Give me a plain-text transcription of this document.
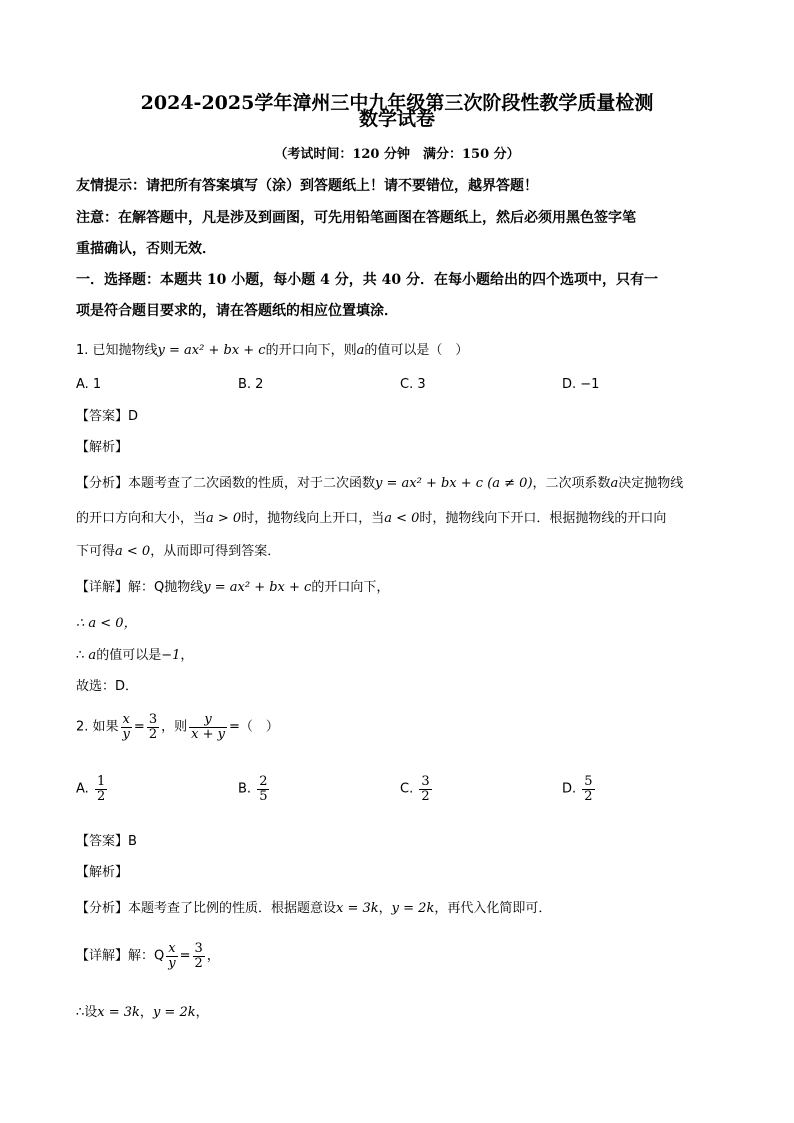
2024-2025学年漳州三中九年级第三次阶段性教学质量检测
数学试卷
（考试时间：120 分钟　满分：150 分）
友情提示：请把所有答案填写（涂）到答题纸上！请不要错位，越界答题！
注意：在解答题中，凡是涉及到画图，可先用铅笔画图在答题纸上，然后必须用黑色签字笔
重描确认，否则无效．
一．选择题：本题共 10 小题，每小题 4 分，共 40 分．在每小题给出的四个选项中，只有一
项是符合题目要求的，请在答题纸的相应位置填涂．
1. 已知抛物线y = ax² + bx + c的开口向下，则a的值可以是（　）
A. 1	B. 2	C. 3	D. −1
【答案】D
【解析】
【分析】本题考查了二次函数的性质，对于二次函数y = ax² + bx + c (a ≠ 0)，二次项系数a决定抛物线
的开口方向和大小，当a > 0时，抛物线向上开口，当a < 0时，抛物线向下开口．根据抛物线的开口向
下可得a < 0，从而即可得到答案．
【详解】解：Q抛物线y = ax² + bx + c的开口向下，
∴ a < 0，
∴ a的值可以是−1，
故选：D．
2. 如果 $\frac{x}{y} = \frac{3}{2}$ ，则 $\frac{y}{x + y}$ =（　）
A. $\frac{1}{2}$	B. $\frac{2}{5}$	C. $\frac{3}{2}$	D. $\frac{5}{2}$
【答案】B
【解析】
【分析】本题考查了比例的性质．根据题意设x = 3k，y = 2k，再代入化简即可．
【详解】解：Q $\frac{x}{y} = \frac{3}{2}$ ，
∴设x = 3k，y = 2k，
